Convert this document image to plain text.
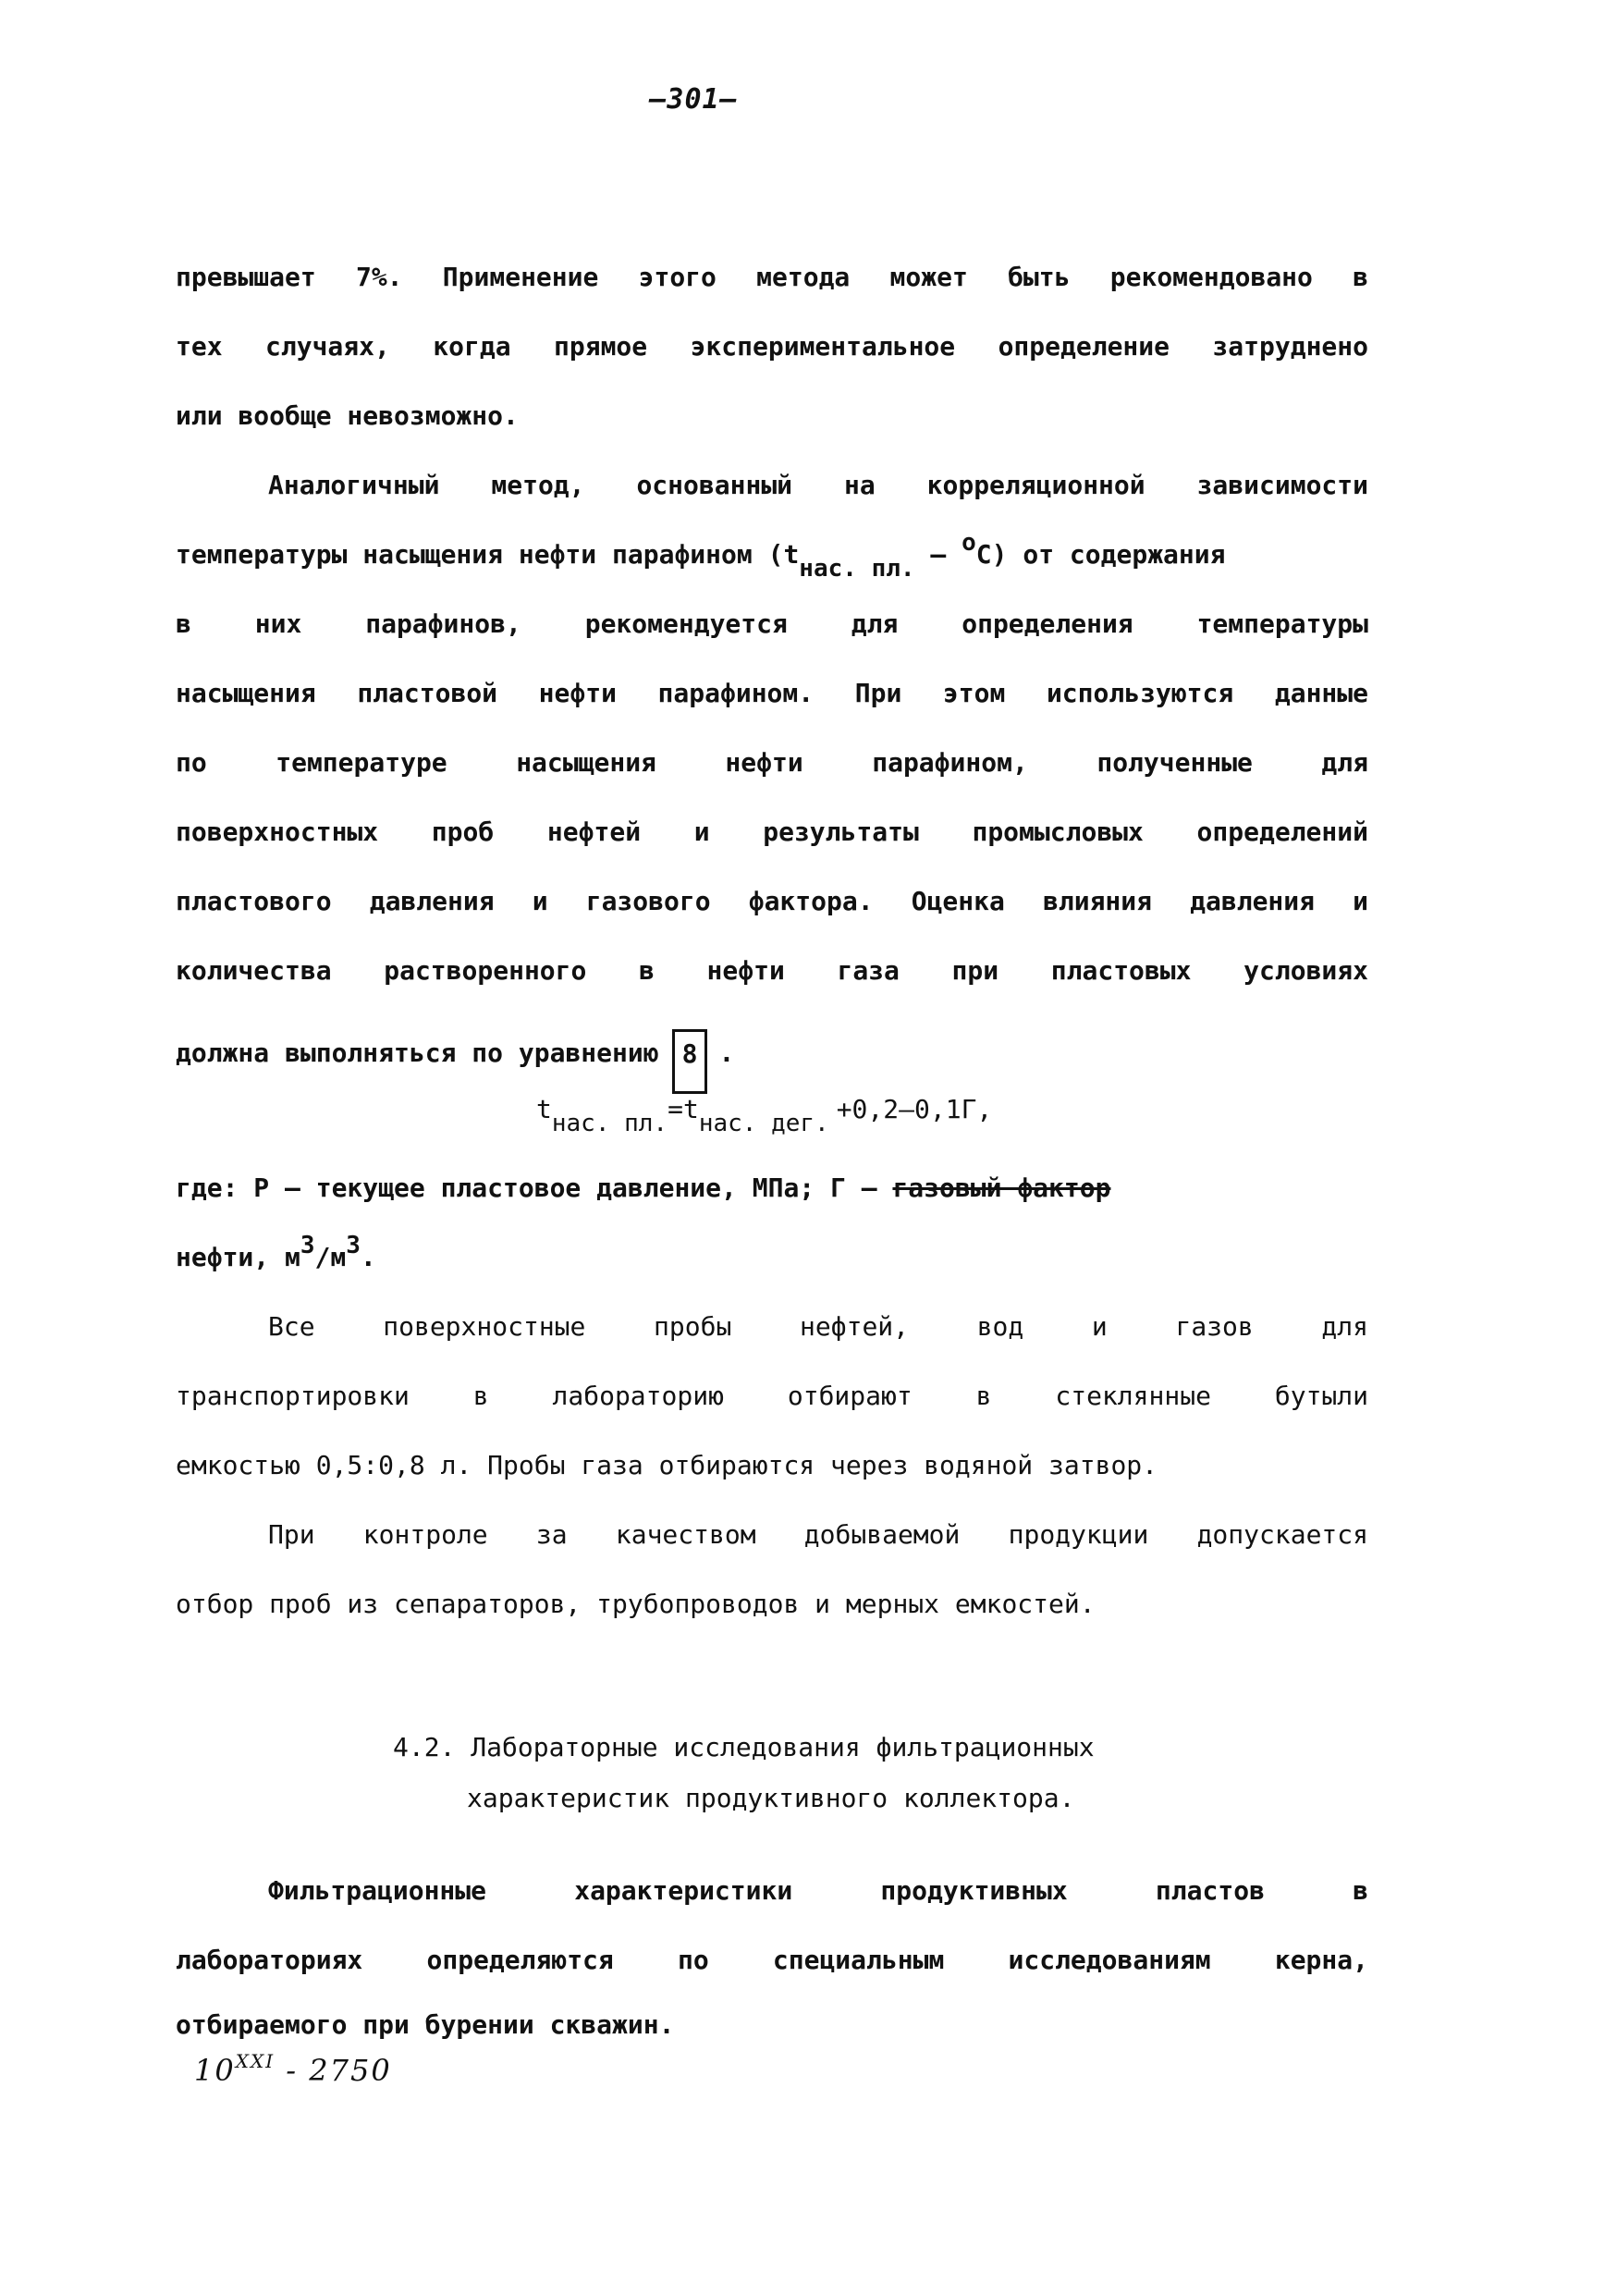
—301—
превышает 7%. Применение этого метода может быть рекомендовано в
тех случаях, когда прямое экспериментальное определение затруднено
или вообще невозможно.
Аналогичный метод, основанный на корреляционной зависимости
температуры насыщения нефти парафином (tнас. пл. – оС) от содержания
в них парафинов, рекомендуется для определения температуры
насыщения пластовой нефти парафином. При этом используются данные
по температуре насыщения нефти парафином, полученные для
поверхностных проб нефтей и результаты промысловых определений
пластового давления и газового фактора. Оценка влияния давления и
количества растворенного в нефти газа при пластовых условиях
должна выполняться по уравнению 8 .
tнас. пл.=tнас. дег. +0,2–0,1Г,
где: Р – текущее пластовое давление, МПа; Г – газовый фактор
нефти, м3/м3.
Все поверхностные пробы нефтей, вод и газов для
транспортировки в лабораторию отбирают в стеклянные бутыли
емкостью 0,5:0,8 л. Пробы газа отбираются через водяной затвор.
При контроле за качеством добываемой продукции допускается
отбор проб из сепараторов, трубопроводов и мерных емкостей.
4.2. Лабораторные исследования фильтрационных
характеристик продуктивного коллектора.
Фильтрационные характеристики продуктивных пластов в
лабораториях определяются по специальным исследованиям керна,
отбираемого при бурении скважин.
$10^{XXI} - 2750$
